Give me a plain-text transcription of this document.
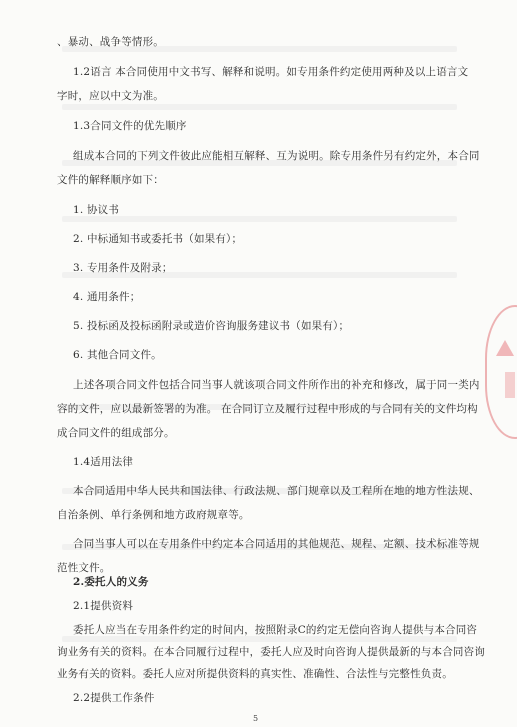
、暴动、战争等情形。

1.2语言 本合同使用中文书写、解释和说明。如专用条件约定使用两种及以上语言文

字时，应以中文为准。

1.3合同文件的优先顺序

组成本合同的下列文件彼此应能相互解释、互为说明。除专用条件另有约定外，本合同

文件的解释顺序如下：

1. 协议书

2. 中标通知书或委托书（如果有）；

3. 专用条件及附录；

4. 通用条件；

5. 投标函及投标函附录或造价咨询服务建议书（如果有）；

6. 其他合同文件。

上述各项合同文件包括合同当事人就该项合同文件所作出的补充和修改，属于同一类内

容的文件，应以最新签署的为准。 在合同订立及履行过程中形成的与合同有关的文件均构

成合同文件的组成部分。

1.4适用法律

本合同适用中华人民共和国法律、行政法规、部门规章以及工程所在地的地方性法规、

自治条例、单行条例和地方政府规章等。

合同当事人可以在专用条件中约定本合同适用的其他规范、规程、定额、技术标准等规

范性文件。

2.委托人的义务

2.1提供资料

委托人应当在专用条件约定的时间内，按照附录C的约定无偿向咨询人提供与本合同咨

询业务有关的资料。在本合同履行过程中，委托人应及时向咨询人提供最新的与本合同咨询

业务有关的资料。委托人应对所提供资料的真实性、准确性、合法性与完整性负责。

2.2提供工作条件

5
